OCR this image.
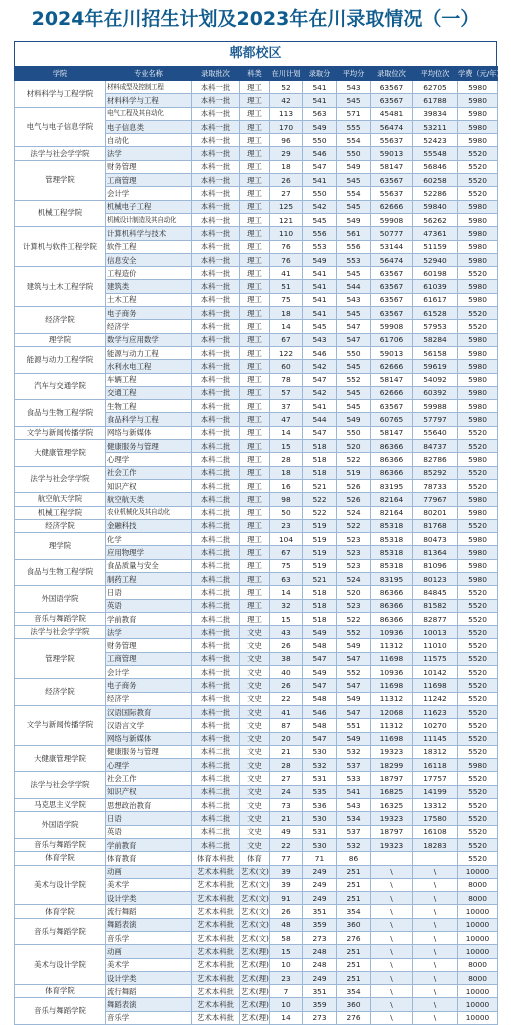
2024年在川招生计划及2023年在川录取情况（一）
郫都校区
学院	专业名称	录取批次	科类	在川计划	录取分	平均分	录取位次	平均位次	学费（元/年）
材料科学与工程学院	材料成型及控制工程	本科一批	理工	52	541	543	63567	62705	5980
	材料科学与工程	本科一批	理工	42	541	545	63567	61788	5980
电气与电子信息学院	电气工程及其自动化	本科一批	理工	113	563	571	45481	39834	5980
	电子信息类	本科一批	理工	170	549	555	56474	53211	5980
	自动化	本科一批	理工	96	550	554	55637	52423	5980
法学与社会学学院	法学	本科一批	理工	29	546	550	59013	55548	5520
管理学院	财务管理	本科一批	理工	18	547	549	58147	56846	5520
	工商管理	本科一批	理工	26	541	545	63567	60258	5520
	会计学	本科一批	理工	27	550	554	55637	52286	5520
机械工程学院	机械电子工程	本科一批	理工	125	542	545	62666	59840	5980
	机械设计制造及其自动化	本科一批	理工	121	545	549	59908	56262	5980
计算机与软件工程学院	计算机科学与技术	本科一批	理工	110	556	561	50777	47361	5980
	软件工程	本科一批	理工	76	553	556	53144	51159	5980
	信息安全	本科一批	理工	76	549	553	56474	52940	5980
建筑与土木工程学院	工程造价	本科一批	理工	41	541	545	63567	60198	5520
	建筑类	本科一批	理工	51	541	544	63567	61039	5980
	土木工程	本科一批	理工	75	541	543	63567	61617	5980
经济学院	电子商务	本科一批	理工	18	541	545	63567	61528	5520
	经济学	本科一批	理工	14	545	547	59908	57953	5520
理学院	数学与应用数学	本科一批	理工	67	543	547	61706	58284	5980
能源与动力工程学院	能源与动力工程	本科一批	理工	122	546	550	59013	56158	5980
	水利水电工程	本科一批	理工	60	542	545	62666	59619	5980
汽车与交通学院	车辆工程	本科一批	理工	78	547	552	58147	54092	5980
	交通工程	本科一批	理工	57	542	545	62666	60392	5980
食品与生物工程学院	生物工程	本科一批	理工	37	541	545	63567	59988	5980
	食品科学与工程	本科一批	理工	47	544	549	60765	57797	5980
文学与新闻传播学院	网络与新媒体	本科一批	理工	14	547	550	58147	55640	5520
大健康管理学院	健康服务与管理	本科二批	理工	15	518	520	86366	84737	5520
	心理学	本科二批	理工	28	518	522	86366	82786	5980
法学与社会学学院	社会工作	本科二批	理工	18	518	519	86366	85292	5520
	知识产权	本科二批	理工	16	521	526	83195	78733	5520
航空航天学院	航空航天类	本科二批	理工	98	522	526	82164	77967	5980
机械工程学院	农业机械化及其自动化	本科二批	理工	50	522	524	82164	80201	5980
经济学院	金融科技	本科二批	理工	23	519	522	85318	81768	5520
理学院	化学	本科二批	理工	104	519	523	85318	80473	5980
	应用物理学	本科二批	理工	67	519	523	85318	81364	5980
食品与生物工程学院	食品质量与安全	本科二批	理工	75	519	523	85318	81096	5980
	制药工程	本科二批	理工	63	521	524	83195	80123	5980
外国语学院	日语	本科二批	理工	14	518	520	86366	84845	5520
	英语	本科二批	理工	32	518	523	86366	81582	5520
音乐与舞蹈学院	学前教育	本科二批	理工	15	518	522	86366	82877	5520
法学与社会学学院	法学	本科一批	文史	43	549	552	10936	10013	5520
管理学院	财务管理	本科一批	文史	26	548	549	11312	11010	5520
	工商管理	本科一批	文史	38	547	547	11698	11575	5520
	会计学	本科一批	文史	40	549	552	10936	10142	5520
经济学院	电子商务	本科一批	文史	26	547	547	11698	11698	5520
	经济学	本科一批	文史	22	548	549	11312	11242	5520
文学与新闻传播学院	汉语国际教育	本科一批	文史	41	546	547	12068	11623	5520
	汉语言文学	本科一批	文史	87	548	551	11312	10270	5520
	网络与新媒体	本科一批	文史	20	547	549	11698	11145	5520
大健康管理学院	健康服务与管理	本科二批	文史	21	530	532	19323	18312	5520
	心理学	本科二批	文史	28	532	537	18299	16118	5980
法学与社会学学院	社会工作	本科二批	文史	27	531	533	18797	17757	5520
	知识产权	本科二批	文史	24	535	541	16825	14199	5520
马克思主义学院	思想政治教育	本科二批	文史	73	536	543	16325	13312	5520
外国语学院	日语	本科二批	文史	21	530	534	19323	17580	5520
	英语	本科二批	文史	49	531	537	18797	16108	5520
音乐与舞蹈学院	学前教育	本科二批	文史	22	530	532	19323	18283	5520
体育学院	体育教育	体育本科批	体育	77	71	86			5520
美术与设计学院	动画	艺术本科批	艺术(文)	39	249	251	\	\	10000
	美术学	艺术本科批	艺术(文)	39	249	251	\	\	8000
	设计学类	艺术本科批	艺术(文)	91	249	251	\	\	8000
体育学院	流行舞蹈	艺术本科批	艺术(文)	26	351	354	\	\	10000
音乐与舞蹈学院	舞蹈表演	艺术本科批	艺术(文)	48	359	360	\	\	10000
	音乐学	艺术本科批	艺术(文)	58	273	276	\	\	10000
美术与设计学院	动画	艺术本科批	艺术(理)	15	248	251	\	\	10000
	美术学	艺术本科批	艺术(理)	10	248	251	\	\	8000
	设计学类	艺术本科批	艺术(理)	23	249	251	\	\	8000
体育学院	流行舞蹈	艺术本科批	艺术(理)	7	351	354	\	\	10000
音乐与舞蹈学院	舞蹈表演	艺术本科批	艺术(理)	10	359	360	\	\	10000
	音乐学	艺术本科批	艺术(理)	14	273	276	\	\	10000
